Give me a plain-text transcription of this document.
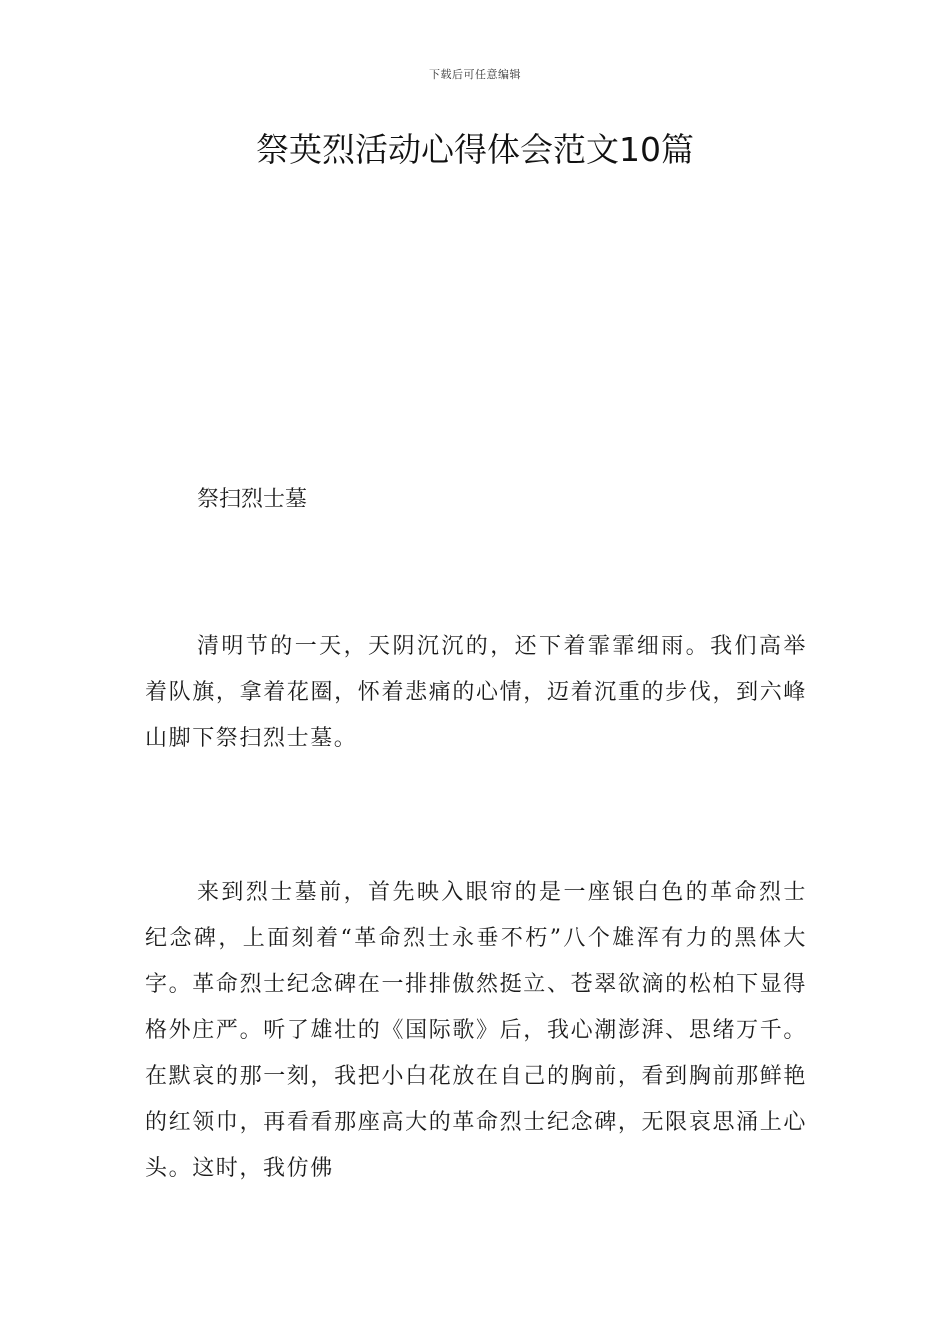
下载后可任意编辑
祭英烈活动心得体会范文10篇
祭扫烈士墓

清明节的一天，天阴沉沉的，还下着霏霏细雨。我们高举着队旗，拿着花圈，怀着悲痛的心情，迈着沉重的步伐，到六峰山脚下祭扫烈士墓。

来到烈士墓前，首先映入眼帘的是一座银白色的革命烈士纪念碑，上面刻着“革命烈士永垂不朽”八个雄浑有力的黑体大字。革命烈士纪念碑在一排排傲然挺立、苍翠欲滴的松柏下显得格外庄严。听了雄壮的《国际歌》后，我心潮澎湃、思绪万千。在默哀的那一刻，我把小白花放在自己的胸前，看到胸前那鲜艳的红领巾，再看看那座高大的革命烈士纪念碑，无限哀思涌上心头。这时，我仿佛
